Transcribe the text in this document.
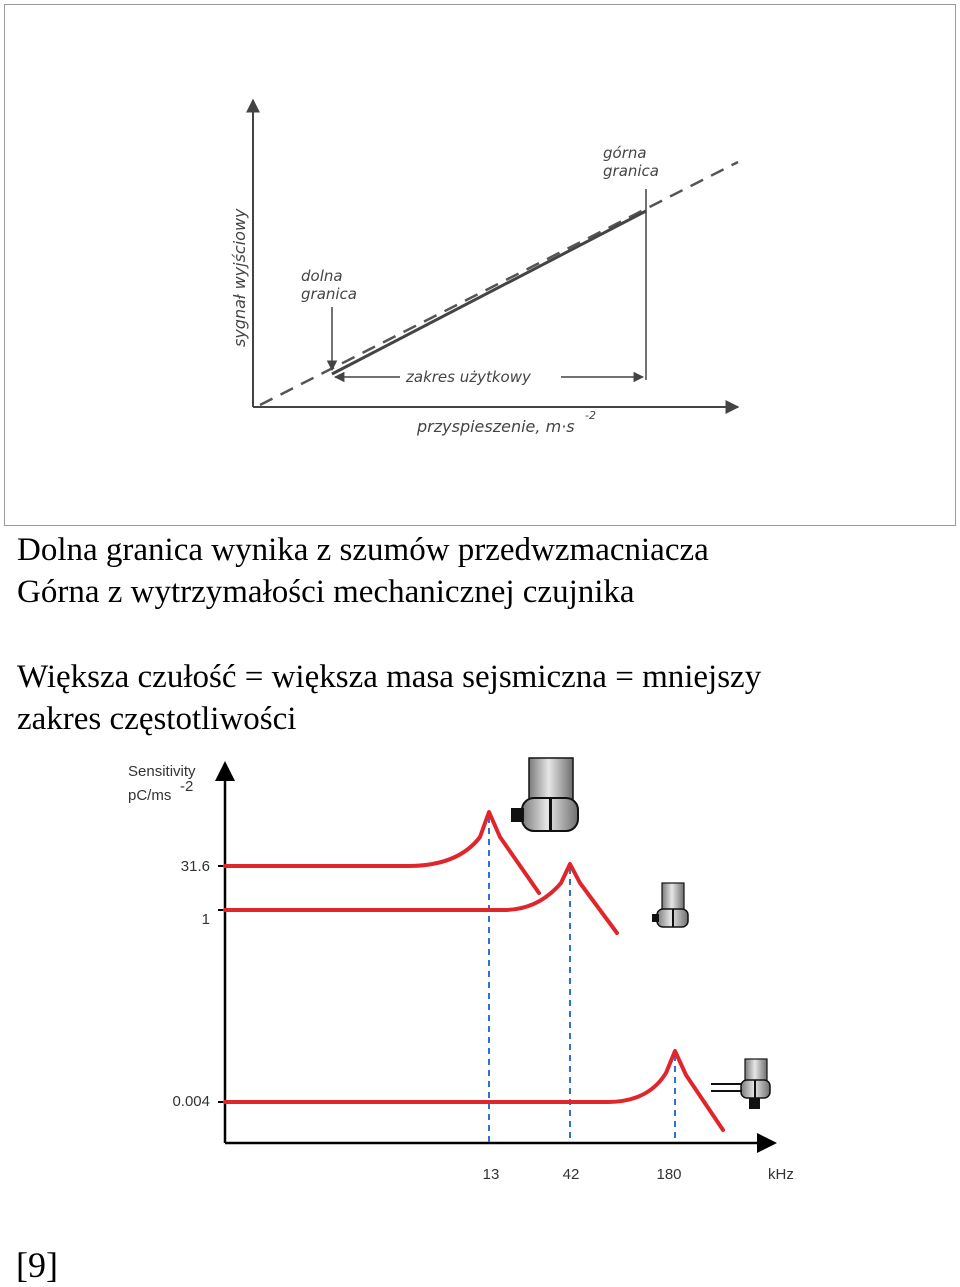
sygnał wyjściowy
przyspieszenie, m·s
-2
dolna
granica
górna
granica
zakres użytkowy

Dolna granica wynika z szumów przedwzmacniacza
Górna z wytrzymałości mechanicznej czujnika

Większa czułość = większa masa sejsmiczna = mniejszy
zakres częstotliwości

Sensitivity
pC/ms
-2
kHz
31.6
1
0.004
13	42	180
[9]
